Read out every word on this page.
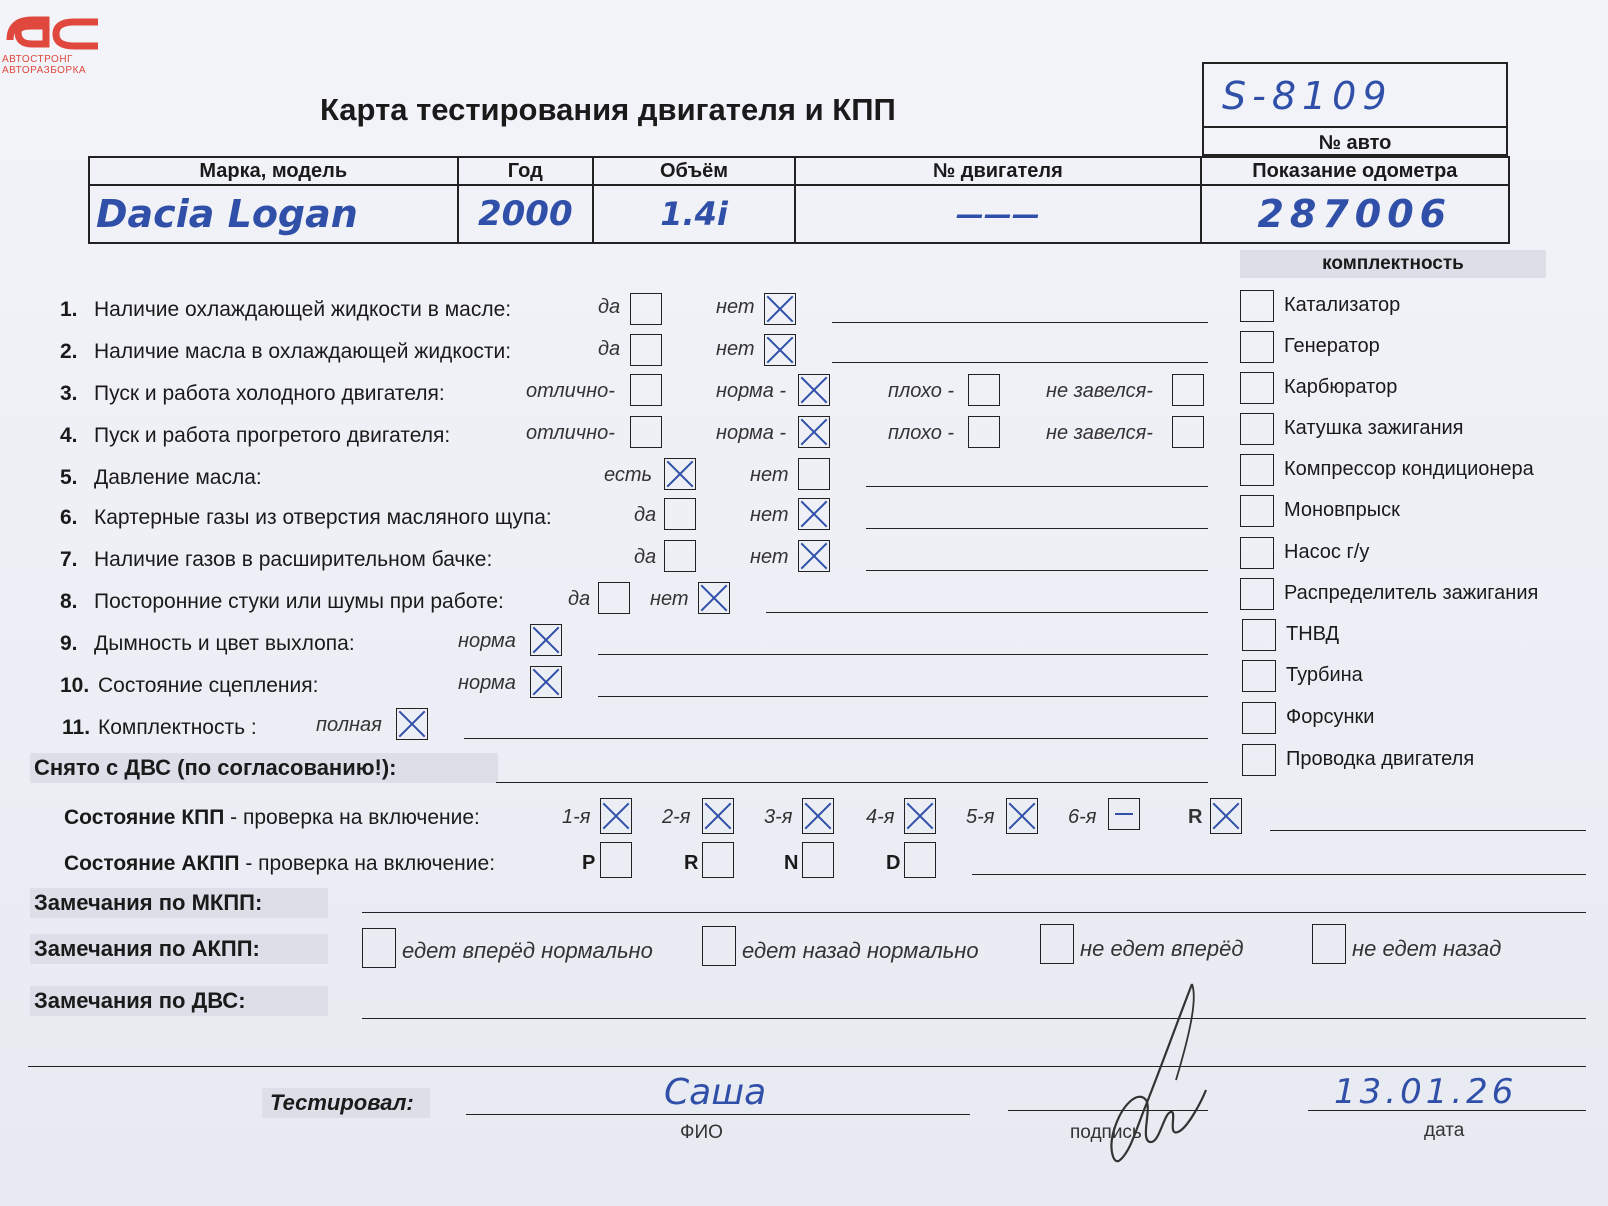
АВТОСТРОНГ
АВТОРАЗБОРКА
Карта тестирования двигателя и КПП	S-8109
№ авто
Марка, модель	Год	Объём	№ двигателя	Показание одометра
Dacia Logan	2000	1.4i	———	287006
комплектность
1. Наличие охлаждающей жидкости в масле:	да	нет
2. Наличие масла в охлаждающей жидкости:	да	нет
3. Пуск и работа холодного двигателя:	отлично-	норма -	плохо -	не завелся-
4. Пуск и работа прогретого двигателя:	отлично-	норма -	плохо -	не завелся-
5. Давление масла:	есть	нет
6. Картерные газы из отверстия масляного щупа:	да	нет
7. Наличие газов в расширительном бачке:	да	нет
8. Посторонние стуки или шумы при работе:	да	нет
9. Дымность и цвет выхлопа:	норма
10. Состояние сцепления:	норма
11. Комплектность :	полная
Снято с ДВС (по согласованию!):
Состояние КПП - проверка на включение:	1-я	2-я	3-я	4-я	5-я	6-я	R
Состояние АКПП - проверка на включение:	P	R	N	D
Замечания по МКПП:
Замечания по АКПП:	едет вперёд нормально	едет назад нормально	не едет вперёд	не едет назад
Замечания по ДВС:
Катализатор
Генератор
Карбюратор
Катушка зажигания
Компрессор кондиционера
Моновпрыск
Насос г/у
Распределитель зажигания
ТНВД
Турбина
Форсунки
Проводка двигателя
Тестировал:	Саша
ФИО	подпись
13.01.26
дата
